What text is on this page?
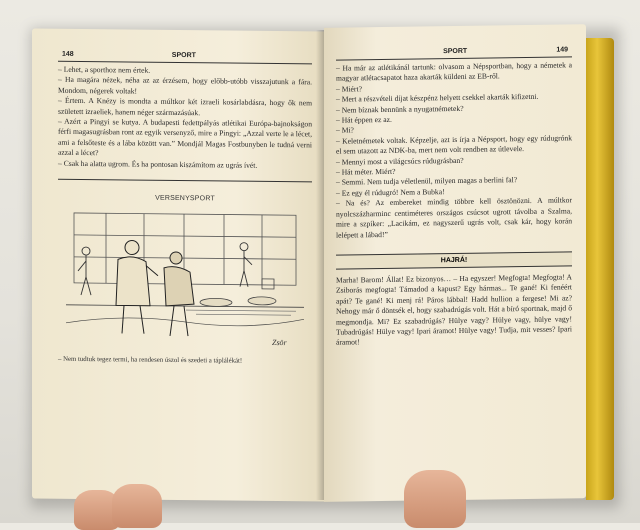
148	SPORT

– Lehet, a sporthoz nem értek.

– Ha magára nézek, néha az az érzésem, hogy előbb-utóbb visszajutunk a fára. Mondom, négerek voltak!

– Értem. A Knézy is mondta a múltkor két izraeli kosárlabdásra, hogy ők nem született izraeliek, hanem néger származásúak.

– Azért a Pingyi se kutya. A budapesti fedettpályás atlétikai Európa-bajnokságon férfi magasugrásban ront az egyik versenyző, mire a Pingyi: „Azzal verte le a lécet, ami a felsőteste és a lába között van.” Mondjál Magas Fostbunyben le tudná verni azzal a lécet?

– Csak ha alatta ugrom. És ha pontosan kiszámítom az ugrás ívét.

VERSENYSPORT
Zsör
– Nem tudtuk tegez termi, ha rendesen úszol és szedeti a táplálékát!
SPORT	149

– Ha már az atlétikánál tartunk: olvasom a Népsportban, hogy a németek a magyar atlétacsapatot haza akarták küldeni az EB-ről.

– Miért?

– Mert a részvételi díjat készpénz helyett csekkel akarták kifizetni.

– Nem bíznak bennünk a nyugatnémetek?

– Hát éppen ez az.

– Mi?

– Keletnémetek voltak. Képzelje, azt is írja a Népsport, hogy egy rúdugrónk el sem utazott az NDK-ba, mert nem volt rendben az útlevele.

– Mennyi most a világcsúcs rúdugrásban?

– Hát méter. Miért?

– Semmi. Nem tudja véletlenül, milyen magas a berlini fal?

– Ez egy él rúdugró! Nem a Bubka!

– Na és? Az embereket mindig többre kell ösztönözni. A múltkor nyolcszázharminc centiméteres országos csúcsot ugrott távolba a Szalma, mire a szpíker: „Lacikám, ez nagyszerű ugrás volt, csak kár, hogy korán lelépett a lábad!”

HAJRÁ!
Marha! Barom! Állat! Ez bizonyos… – Ha egyszer! Megfogta! Megfogta! A Zsiborás megfogta! Támadod a kapust? Egy hármas... Te gané! Ki fenéért apát? Te gané! Ki menj rá! Páros lábbal! Hadd hullion a fergese! Mi az? Nehogy már ő döntsék el, hogy szabadrúgás volt. Hát a bíró sportnak, majd ő megmondja. Mi? Ez szabadrúgás? Hülye vagy? Hülye vagy, hülye vagy! Tubadrúgás! Hülye vagy! Ipari áramot! Hülye vagy! Tudja, mit vesses? Ipari áramot!
